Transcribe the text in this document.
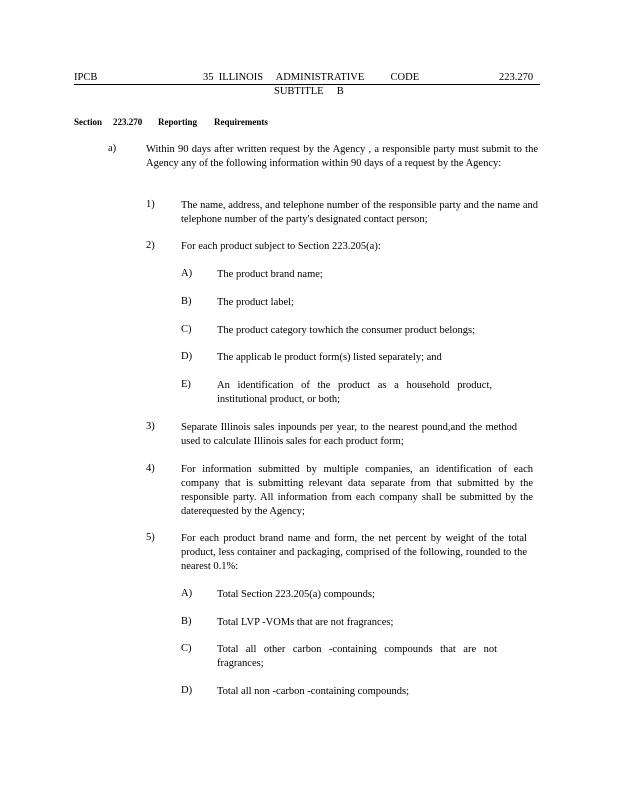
IPCB	35  ILLINOIS     ADMINISTRATIVE          CODE	223.270
SUBTITLE     B
Section 223.270 Reporting Requirements
a)	Within 90 days after written request by the Agency , a responsible party must submit to the Agency any of the following information within 90 days of a request by the Agency:
1)	The name, address, and telephone number of the responsible party and the name and telephone number of the party's designated contact person;
2)	For each product subject to Section 223.205(a):
A) The product brand name;
B) The product label;
C) The product category towhich the consumer product belongs;
D) The applicab le product form(s) listed separately; and
E) An identification of the product as a household product, institutional product, or both;
3)	Separate Illinois sales inpounds per year, to the nearest pound,and the method used to calculate Illinois sales for each product form;
4)	For information submitted by multiple companies, an identification of each company that is submitting relevant data separate from that submitted by the responsible party. All information from each company shall be submitted by the daterequested by the Agency;
5)	For each product brand name and form, the net percent by weight of the total product, less container and packaging, comprised of the following, rounded to the nearest 0.1%:
A) Total Section 223.205(a) compounds;
B) Total LVP -VOMs that are not fragrances;
C) Total all other carbon -containing compounds that are not fragrances;
D) Total all non -carbon -containing compounds;
